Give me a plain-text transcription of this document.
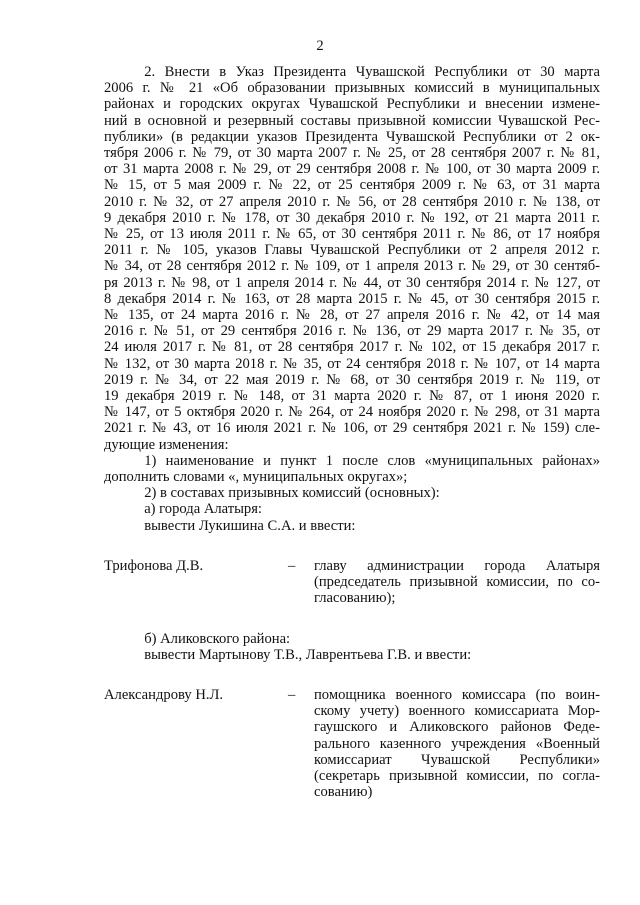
2
2. Внести в Указ Президента Чувашской Республики от 30 марта
2006 г. № 21 «Об образовании призывных комиссий в муниципальных
районах и городских округах Чувашской Республики и внесении измене-
ний в основной и резервный составы призывной комиссии Чувашской Рес-
публики» (в редакции указов Президента Чувашской Республики от 2 ок-
тября 2006 г. № 79, от 30 марта 2007 г. № 25, от 28 сентября 2007 г. № 81,
от 31 марта 2008 г. № 29, от 29 сентября 2008 г. № 100, от 30 марта 2009 г.
№ 15, от 5 мая 2009 г. № 22, от 25 сентября 2009 г. № 63, от 31 марта
2010 г. № 32, от 27 апреля 2010 г. № 56, от 28 сентября 2010 г. № 138, от
9 декабря 2010 г. № 178, от 30 декабря 2010 г. № 192, от 21 марта 2011 г.
№ 25, от 13 июля 2011 г. № 65, от 30 сентября 2011 г. № 86, от 17 ноября
2011 г. № 105, указов Главы Чувашской Республики от 2 апреля 2012 г.
№ 34, от 28 сентября 2012 г. № 109, от 1 апреля 2013 г. № 29, от 30 сентяб-
ря 2013 г. № 98, от 1 апреля 2014 г. № 44, от 30 сентября 2014 г. № 127, от
8 декабря 2014 г. № 163, от 28 марта 2015 г. № 45, от 30 сентября 2015 г.
№ 135, от 24 марта 2016 г. № 28, от 27 апреля 2016 г. № 42, от 14 мая
2016 г. № 51, от 29 сентября 2016 г. № 136, от 29 марта 2017 г. № 35, от
24 июля 2017 г. № 81, от 28 сентября 2017 г. № 102, от 15 декабря 2017 г.
№ 132, от 30 марта 2018 г. № 35, от 24 сентября 2018 г. № 107, от 14 марта
2019 г. № 34, от 22 мая 2019 г. № 68, от 30 сентября 2019 г. № 119, от
19 декабря 2019 г. № 148, от 31 марта 2020 г. № 87, от 1 июня 2020 г.
№ 147, от 5 октября 2020 г. № 264, от 24 ноября 2020 г. № 298, от 31 марта
2021 г. № 43, от 16 июля 2021 г. № 106, от 29 сентября 2021 г. № 159) сле-
дующие изменения:
1) наименование и пункт 1 после слов «муниципальных районах»
дополнить словами «, муниципальных округах»;
2) в составах призывных комиссий (основных):
а) города Алатыря:
вывести Лукишина С.А. и ввести:
Трифонова Д.В.	–	главу администрации города Алатыря
(председатель призывной комиссии, по со-
гласованию);
б) Аликовского района:
вывести Мартынову Т.В., Лаврентьева Г.В. и ввести:
Александрову Н.Л.	–	помощника военного комиссара (по воин-
скому учету) военного комиссариата Мор-
гаушского и Аликовского районов Феде-
рального казенного учреждения «Военный
комиссариат Чувашской Республики»
(секретарь призывной комиссии, по согла-
сованию)
